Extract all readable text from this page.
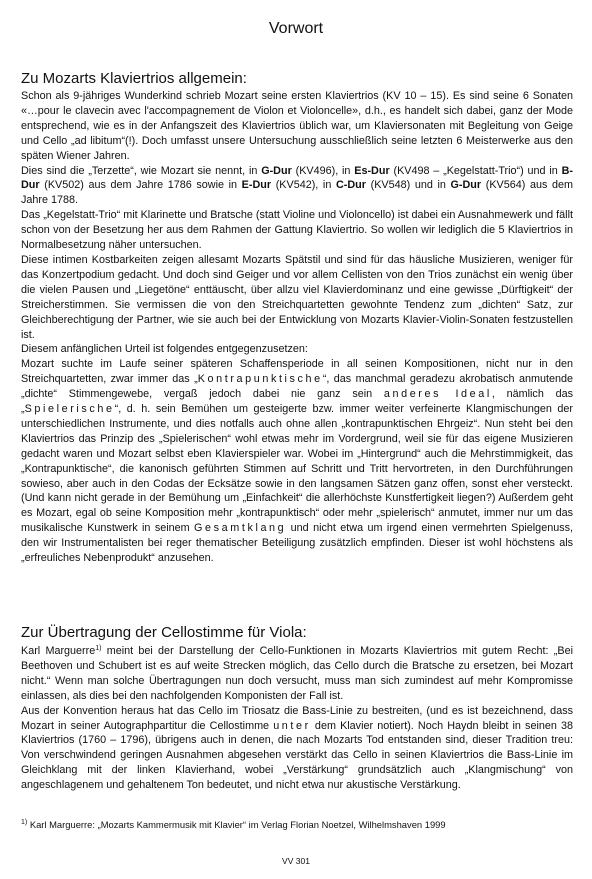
Vorwort
Zu Mozarts Klaviertrios allgemein:

Schon als 9-jähriges Wunderkind schrieb Mozart seine ersten Klaviertrios (KV 10 – 15). Es sind seine 6 Sonaten «…pour le clavecin avec l'accompagnement de Violon et Violoncelle», d.h., es handelt sich dabei, ganz der Mode entsprechend, wie es in der Anfangszeit des Klaviertrios üblich war, um Klaviersonaten mit Begleitung von Geige und Cello „ad libitum“(!). Doch umfasst unsere Untersuchung ausschließlich seine letzten 6 Meisterwerke aus den späten Wiener Jahren.

Dies sind die „Terzette“, wie Mozart sie nennt, in G-Dur (KV496), in Es-Dur (KV498 – „Kegelstatt-Trio“) und in B-Dur (KV502) aus dem Jahre 1786 sowie in E-Dur (KV542), in C-Dur (KV548) und in G-Dur (KV564) aus dem Jahre 1788.

Das „Kegelstatt-Trio“ mit Klarinette und Bratsche (statt Violine und Violoncello) ist dabei ein Ausnahmewerk und fällt schon von der Besetzung her aus dem Rahmen der Gattung Klaviertrio. So wollen wir lediglich die 5 Klaviertrios in Normalbesetzung näher untersuchen.

Diese intimen Kostbarkeiten zeigen allesamt Mozarts Spätstil und sind für das häusliche Musizieren, weniger für das Konzertpodium gedacht. Und doch sind Geiger und vor allem Cellisten von den Trios zunächst ein wenig über die vielen Pausen und „Liegetöne“ enttäuscht, über allzu viel Klavierdominanz und eine gewisse „Dürftigkeit“ der Streicherstimmen. Sie vermissen die von den Streichquartetten gewohnte Tendenz zum „dichten“ Satz, zur Gleichberechtigung der Partner, wie sie auch bei der Entwicklung von Mozarts Klavier-Violin-Sonaten festzustellen ist.

Diesem anfänglichen Urteil ist folgendes entgegenzusetzen:

Mozart suchte im Laufe seiner späteren Schaffensperiode in all seinen Kompositionen, nicht nur in den Streichquartetten, zwar immer das „Kontrapunktische“, das manchmal geradezu akrobatisch anmutende „dichte“ Stimmengewebe, vergaß jedoch dabei nie ganz sein anderes Ideal, nämlich das „Spielerische“, d. h. sein Bemühen um gesteigerte bzw. immer weiter verfeinerte Klangmischungen der unterschiedlichen Instrumente, und dies notfalls auch ohne allen „kontrapunktischen Ehrgeiz“. Nun steht bei den Klaviertrios das Prinzip des „Spielerischen“ wohl etwas mehr im Vordergrund, weil sie für das eigene Musizieren gedacht waren und Mozart selbst eben Klavierspieler war. Wobei im „Hintergrund“ auch die Mehrstimmigkeit, das „Kontrapunktische“, die kanonisch geführten Stimmen auf Schritt und Tritt hervortreten, in den Durchführungen sowieso, aber auch in den Codas der Ecksätze sowie in den langsamen Sätzen ganz offen, sonst eher versteckt. (Und kann nicht gerade in der Bemühung um „Einfachkeit“ die allerhöchste Kunstfertigkeit liegen?) Außerdem geht es Mozart, egal ob seine Komposition mehr „kontrapunktisch“ oder mehr „spielerisch“ anmutet, immer nur um das musikalische Kunstwerk in seinem Gesamtklang und nicht etwa um irgend einen vermehrten Spielgenuss, den wir Instrumentalisten bei reger thematischer Beteiligung zusätzlich empfinden. Dieser ist wohl höchstens als „erfreuliches Nebenprodukt“ anzusehen.

Zur Übertragung der Cellostimme für Viola:

Karl Marguerre$^{1)}$ meint bei der Darstellung der Cello-Funktionen in Mozarts Klaviertrios mit gutem Recht: „Bei Beethoven und Schubert ist es auf weite Strecken möglich, das Cello durch die Bratsche zu ersetzen, bei Mozart nicht.“ Wenn man solche Übertragungen nun doch versucht, muss man sich zumindest auf mehr Kompromisse einlassen, als dies bei den nachfolgenden Komponisten der Fall ist.

Aus der Konvention heraus hat das Cello im Triosatz die Bass-Linie zu bestreiten, (und es ist bezeichnend, dass Mozart in seiner Autographpartitur die Cellostimme unter dem Klavier notiert). Noch Haydn bleibt in seinen 38 Klaviertrios (1760 – 1796), übrigens auch in denen, die nach Mozarts Tod entstanden sind, dieser Tradition treu: Von verschwindend geringen Ausnahmen abgesehen verstärkt das Cello in seinen Klaviertrios die Bass-Linie im Gleichklang mit der linken Klavierhand, wobei „Verstärkung“ grundsätzlich auch „Klangmischung“ von angeschlagenem und gehaltenem Ton bedeutet, und nicht etwa nur akustische Verstärkung.

$^{1)}$ Karl Marguerre: „Mozarts Kammermusik mit Klavier“ im Verlag Florian Noetzel, Wilhelmshaven 1999
VV 301
